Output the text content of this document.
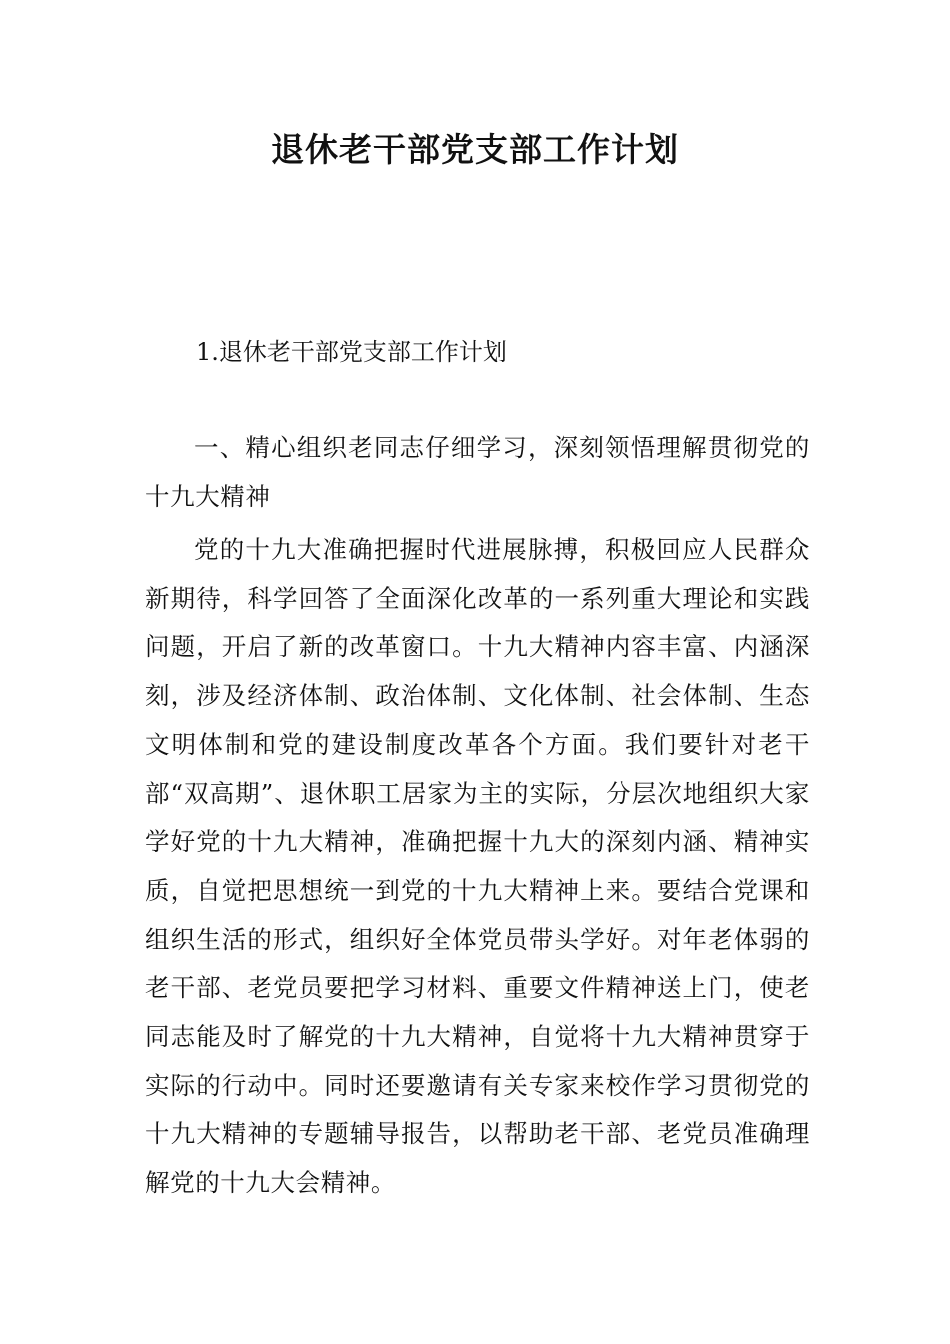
退休老干部党支部工作计划

1.退休老干部党支部工作计划

一、精心组织老同志仔细学习，深刻领悟理解贯彻党的十九大精神

党的十九大准确把握时代进展脉搏，积极回应人民群众新期待，科学回答了全面深化改革的一系列重大理论和实践问题，开启了新的改革窗口。十九大精神内容丰富、内涵深刻，涉及经济体制、政治体制、文化体制、社会体制、生态文明体制和党的建设制度改革各个方面。我们要针对老干部“双高期”、退休职工居家为主的实际，分层次地组织大家学好党的十九大精神，准确把握十九大的深刻内涵、精神实质，自觉把思想统一到党的十九大精神上来。要结合党课和组织生活的形式，组织好全体党员带头学好。对年老体弱的老干部、老党员要把学习材料、重要文件精神送上门，使老同志能及时了解党的十九大精神，自觉将十九大精神贯穿于实际的行动中。同时还要邀请有关专家来校作学习贯彻党的十九大精神的专题辅导报告，以帮助老干部、老党员准确理解党的十九大会精神。
